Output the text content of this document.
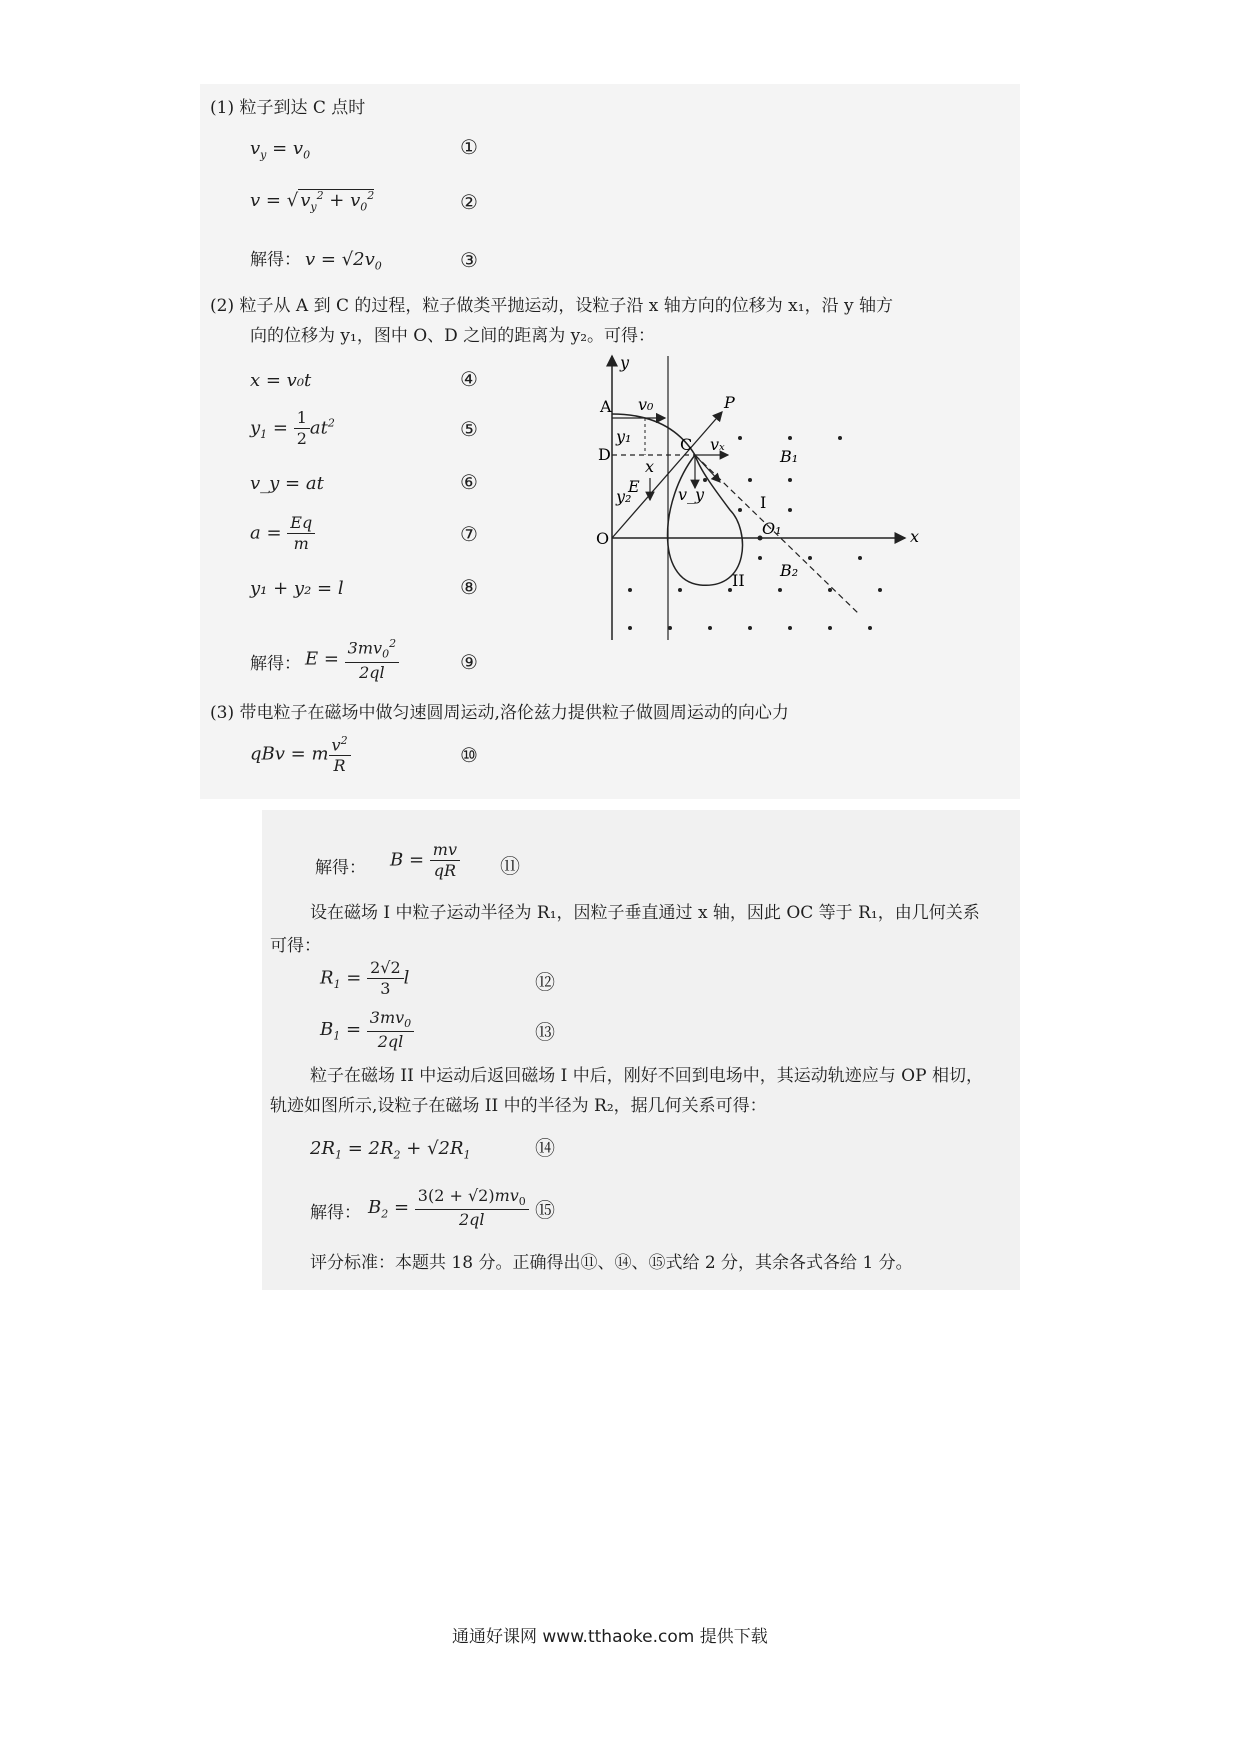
(1) 粒子到达 C 点时
$v_y = v_0$	①
v = √ $v_y^2 + v_0^2$	②
解得： $v = √2v_0$	③
(2) 粒子从 A 到 C 的过程，粒子做类平抛运动，设粒子沿 x 轴方向的位移为 x₁，沿 y 轴方
向的位移为 y₁，图中 O、D 之间的距离为 y₂。可得：
x = v₀t	④
$y_1 = \frac{1}{2} at^2$	⑤
v_y = at	⑥
$a = \frac{Eq}{m}$	⑦
y₁ + y₂ = l	⑧
解得： $E = \frac{3mv_0^2}{2ql}$	⑨
y
A v₀	P
y₁
D
x
C vₓ
B₁
E v_y
y₂	I
O
O₁	x
II
B₂
(3) 带电粒子在磁场中做匀速圆周运动,洛伦兹力提供粒子做圆周运动的向心力
qBv = m $\frac{v^2}{R}$	⑩
解得： $B = \frac{mv}{qR}$ ⑪
设在磁场 I 中粒子运动半径为 R₁，因粒子垂直通过 x 轴，因此 OC 等于 R₁，由几何关系
可得：
$R_1 = \frac{2√2}{3}$ l	⑫
$B_1 = \frac{3mv_0}{2ql}$	⑬
粒子在磁场 II 中运动后返回磁场 I 中后，刚好不回到电场中，其运动轨迹应与 OP 相切，
轨迹如图所示,设粒子在磁场 II 中的半径为 R₂，据几何关系可得：
$2R_1 = 2R_2 + √2R_1$	⑭
解得： $B_2 = \frac{3(2 + √2)mv_0}{2ql}$ ⑮
评分标准：本题共 18 分。正确得出⑪、⑭、⑮式给 2 分，其余各式各给 1 分。
通通好课网 www.tthaoke.com 提供下载
